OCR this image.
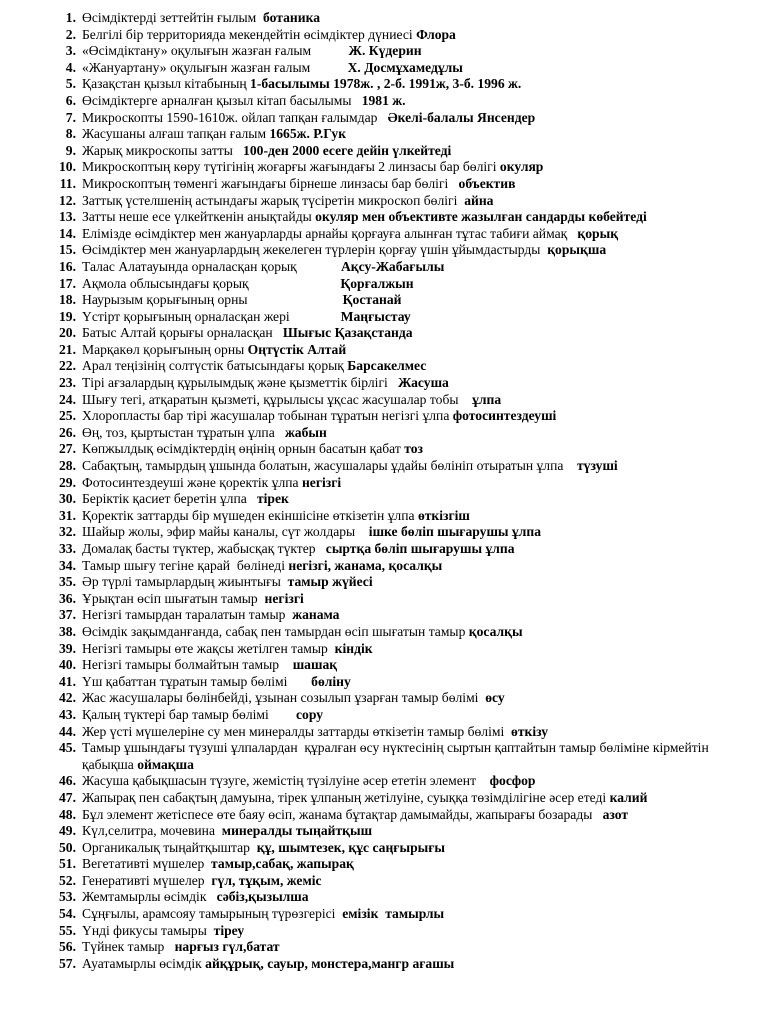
1. Өсімдіктерді зеттейтін ғылым ботаника
2. Белгілі бір территорияда мекендейтін өсімдіктер дүниесі Флора
3. «Өсімдіктану» оқулығын жазған ғалым          Ж. Күдерин
4. «Жануартану» оқулығын жазған ғалым          Х. Досмұхамедұлы
5. Қазақстан қызыл кітабының 1-басылымы 1978ж. , 2-б. 1991ж, 3-б. 1996 ж.
6. Өсімдіктерге арналған қызыл кітап басылымы  1981 ж.
7. Микроскопты 1590-1610ж. ойлап тапқан ғалымдар  Әкелі-балалы Янсендер
8. Жасушаны алғаш тапқан ғалым 1665ж. Р.Гук
9. Жарық микроскопы затты  100-ден 2000 есеге дейін үлкейтеді
10. Микроскоптың көру түтігінің жоғарғы жағындағы 2 линзасы бар бөлігі окуляр
11. Микроскоптың төменгі жағындағы бірнеше линзасы бар бөлігі  объектив
12. Заттық үстелшенің астындағы жарық түсіретін микроскоп бөлігі айна
13. Затты неше есе үлкейткенін анықтайды окуляр мен объективте жазылған сандарды көбейтеді
14. Елімізде өсімдіктер мен жануарларды арнайы қорғауға алынған тұтас табиғи аймақ  қорық
15. Өсімдіктер мен жануарлардың жекелеген түрлерін қорғау үшін ұйымдастырды қорықша
16. Талас Алатауында орналасқан қорық            Ақсу-Жабағылы
17. Ақмола облысындағы қорық                          Қорғалжын
18. Наурызым қорығының орны                           Қостанай
19. Үстірт қорығының орналасқан жері              Маңғыстау
20. Батыс Алтай қорығы орналасқан  Шығыс Қазақстанда
21. Марқакөл қорығының орны Оңтүстік Алтай
22. Арал теңізінің солтүстік батысындағы қорық Барсакелмес
23. Тірі ағзалардың құрылымдық және қызметтік бірлігі  Жасуша
24. Шығу тегі, атқаратын қызметі, құрылысы ұқсас жасушалар тобы   ұлпа
25. Хлоропласты бар тірі жасушалар тобынан тұратын негізгі ұлпа фотосинтездеуші
26. Өң, тоз, қыртыстан тұратын ұлпа  жабын
27. Көпжылдық өсімдіктердің өңінің орнын басатын қабат тоз
28. Сабақтың, тамырдың ұшында болатын, жасушалары ұдайы бөлініп отыратын ұлпа   түзуші
29. Фотосинтездеуші және қоректік ұлпа негізгі
30. Беріктік қасиет беретін ұлпа  тірек
31. Қоректік заттарды бір мүшеден екіншісіне өткізетін ұлпа өткізгіш
32. Шайыр жолы, эфир майы каналы, сүт жолдары   ішке бөліп шығарушы ұлпа
33. Домалақ басты түктер, жабысқақ түктер  сыртқа бөліп шығарушы ұлпа
34. Тамыр шығу тегіне қарай  бөлінеді негізгі, жанама, қосалқы
35. Әр түрлі тамырлардың жиынтығы тамыр жүйесі
36. Ұрықтан өсіп шығатын тамыр негізгі
37. Негізгі тамырдан таралатын тамыр жанама
38. Өсімдік зақымданғанда, сабақ пен тамырдан өсіп шығатын тамыр қосалқы
39. Негізгі тамыры өте жақсы жетілген тамыр кіндік
40. Негізгі тамыры болмайтын тамыр   шашақ
41. Үш қабаттан тұратын тамыр бөлімі      бөліну
42. Жас жасушалары бөлінбейді, ұзынан созылып ұзарған тамыр бөлімі өсу
43. Қалың түктері бар тамыр бөлімі       сору
44. Жер үсті мүшелеріне су мен минералды заттарды өткізетін тамыр бөлімі өткізу
45. Тамыр ұшындағы түзуші ұлпалардан  құралған өсу нүктесінің сыртын қаптайтын тамыр бөліміне кірмейтін қабықша оймақша
46. Жасуша қабықшасын түзуге, жемістің түзілуіне әсер ететін элемент   фосфор
47. Жапырақ пен сабақтың дамуына, тірек ұлпаның жетілуіне, суыққа төзімділігіне әсер етеді калий
48. Бұл элемент жетіспесе өте баяу өсіп, жанама бұтақтар дамымайды, жапырағы бозарады  азот
49. Күл,селитра, мочевина минералды тыңайтқыш
50. Органикалық тыңайтқыштар құ, шымтезек, құс саңғырығы
51. Вегетативті мүшелер тамыр,сабақ, жапырақ
52. Генеративті мүшелер гүл, тұқым, жеміс
53. Жемтамырлы өсімдік  сәбіз,қызылша
54. Сұңғылы, арамсояу тамырының түрөзгерісі емізік  тамырлы
55. Үнді фикусы тамыры тіреу
56. Түйнек тамыр  нарғыз гүл,батат
57. Ауатамырлы өсімдік айқұрық, сауыр, монстера,мангр ағашы
